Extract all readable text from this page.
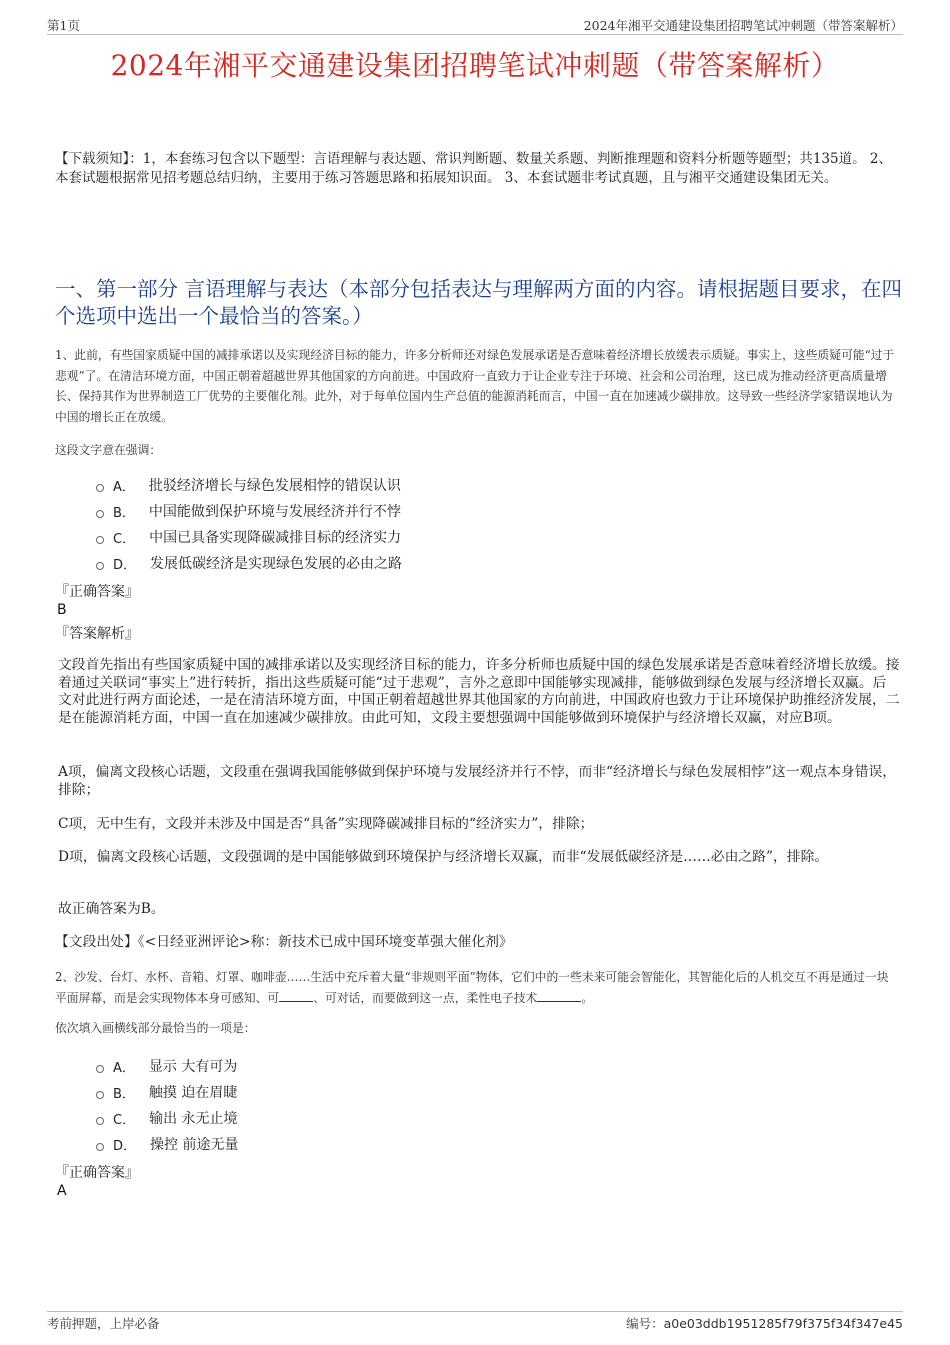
第1页	2024年湘平交通建设集团招聘笔试冲刺题（带答案解析）
2024年湘平交通建设集团招聘笔试冲刺题（带答案解析）
【下载须知】：1，本套练习包含以下题型：言语理解与表达题、常识判断题、数量关系题、判断推理题和资料分析题等题型；共135道。 2、本套试题根据常见招考题总结归纳，主要用于练习答题思路和拓展知识面。 3、本套试题非考试真题，且与湘平交通建设集团无关。
一、第一部分 言语理解与表达（本部分包括表达与理解两方面的内容。请根据题目要求，在四个选项中选出一个最恰当的答案。）
1、此前，有些国家质疑中国的减排承诺以及实现经济目标的能力，许多分析师还对绿色发展承诺是否意味着经济增长放缓表示质疑。事实上，这些质疑可能“过于悲观”了。在清洁环境方面，中国正朝着超越世界其他国家的方向前进。中国政府一直致力于让企业专注于环境、社会和公司治理，这已成为推动经济更高质量增长、保持其作为世界制造工厂优势的主要催化剂。此外，对于每单位国内生产总值的能源消耗而言，中国一直在加速减少碳排放。这导致一些经济学家错误地认为中国的增长正在放缓。
这段文字意在强调：
A． 批驳经济增长与绿色发展相悖的错误认识
B． 中国能做到保护环境与发展经济并行不悖
C． 中国已具备实现降碳减排目标的经济实力
D． 发展低碳经济是实现绿色发展的必由之路
『正确答案』
B
『答案解析』
文段首先指出有些国家质疑中国的减排承诺以及实现经济目标的能力，许多分析师也质疑中国的绿色发展承诺是否意味着经济增长放缓。接着通过关联词“事实上”进行转折，指出这些质疑可能“过于悲观”，言外之意即中国能够实现减排，能够做到绿色发展与经济增长双赢。后文对此进行两方面论述，一是在清洁环境方面，中国正朝着超越世界其他国家的方向前进，中国政府也致力于让环境保护助推经济发展，二是在能源消耗方面，中国一直在加速减少碳排放。由此可知，文段主要想强调中国能够做到环境保护与经济增长双赢，对应B项。
A项，偏离文段核心话题，文段重在强调我国能够做到保护环境与发展经济并行不悖，而非“经济增长与绿色发展相悖”这一观点本身错误，排除；
C项，无中生有，文段并未涉及中国是否“具备”实现降碳减排目标的“经济实力”，排除；
D项，偏离文段核心话题，文段强调的是中国能够做到环境保护与经济增长双赢，而非“发展低碳经济是……必由之路”，排除。
故正确答案为B。
【文段出处】《<日经亚洲评论>称：新技术已成中国环境变革强大催化剂》
2、沙发、台灯、水杯、音箱、灯罩、咖啡壶……生活中充斥着大量“非规则平面”物体，它们中的一些未来可能会智能化，其智能化后的人机交互不再是通过一块平面屏幕，而是会实现物体本身可感知、可	、可对话，而要做到这一点，柔性电子技术	。
依次填入画横线部分最恰当的一项是：
A． 显示 大有可为
B． 触摸 迫在眉睫
C． 输出 永无止境
D． 操控 前途无量
『正确答案』
A
考前押题，上岸必备	编号：a0e03ddb1951285f79f375f34f347e45
